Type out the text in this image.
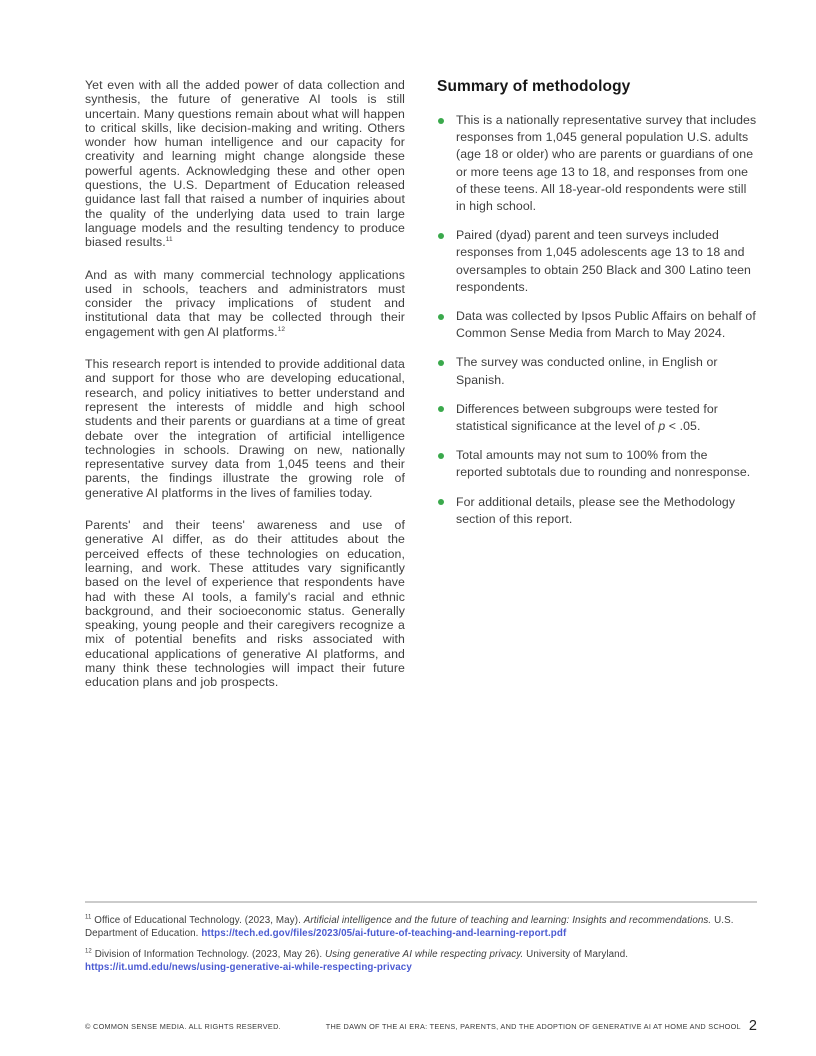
Yet even with all the added power of data collection and synthesis, the future of generative AI tools is still uncertain. Many questions remain about what will happen to critical skills, like decision-making and writing. Others wonder how human intelligence and our capacity for creativity and learning might change alongside these powerful agents. Acknowledging these and other open questions, the U.S. Department of Education released guidance last fall that raised a number of inquiries about the quality of the underlying data used to train large language models and the resulting tendency to produce biased results.$^{11}$

And as with many commercial technology applications used in schools, teachers and administrators must consider the privacy implications of student and institutional data that may be collected through their engagement with gen AI platforms.$^{12}$

This research report is intended to provide additional data and support for those who are developing educational, research, and policy initiatives to better understand and represent the interests of middle and high school students and their parents or guardians at a time of great debate over the integration of artificial intelligence technologies in schools. Drawing on new, nationally representative survey data from 1,045 teens and their parents, the findings illustrate the growing role of generative AI platforms in the lives of families today.

Parents' and their teens' awareness and use of generative AI differ, as do their attitudes about the perceived effects of these technologies on education, learning, and work. These attitudes vary significantly based on the level of experience that respondents have had with these AI tools, a family's racial and ethnic background, and their socioeconomic status. Generally speaking, young people and their caregivers recognize a mix of potential benefits and risks associated with educational applications of generative AI platforms, and many think these technologies will impact their future education plans and job prospects.

Summary of methodology
This is a nationally representative survey that includes responses from 1,045 general population U.S. adults (age 18 or older) who are parents or guardians of one or more teens age 13 to 18, and responses from one of these teens. All 18-year-old respondents were still in high school.
Paired (dyad) parent and teen surveys included responses from 1,045 adolescents age 13 to 18 and oversamples to obtain 250 Black and 300 Latino teen respondents.
Data was collected by Ipsos Public Affairs on behalf of Common Sense Media from March to May 2024.
The survey was conducted online, in English or Spanish.
Differences between subgroups were tested for statistical significance at the level of p < .05.
Total amounts may not sum to 100% from the reported subtotals due to rounding and nonresponse.
For additional details, please see the Methodology section of this report.

$^{11}$ Office of Educational Technology. (2023, May). Artificial intelligence and the future of teaching and learning: Insights and recommendations. U.S. Department of Education. https://tech.ed.gov/files/2023/05/ai-future-of-teaching-and-learning-report.pdf

$^{12}$ Division of Information Technology. (2023, May 26). Using generative AI while respecting privacy. University of Maryland.
https://it.umd.edu/news/using-generative-ai-while-respecting-privacy

© COMMON SENSE MEDIA. ALL RIGHTS RESERVED.	THE DAWN OF THE AI ERA: TEENS, PARENTS, AND THE ADOPTION OF GENERATIVE AI AT HOME AND SCHOOL 2
